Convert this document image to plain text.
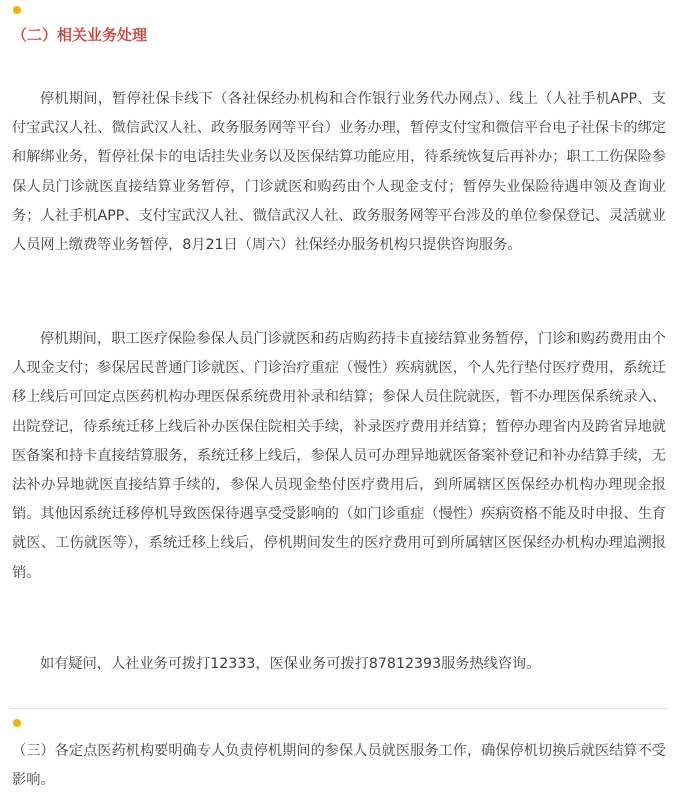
（二）相关业务处理

停机期间，暂停社保卡线下（各社保经办机构和合作银行业务代办网点）、线上（人社手机APP、支付宝武汉人社、微信武汉人社、政务服务网等平台）业务办理，暂停支付宝和微信平台电子社保卡的绑定和解绑业务，暂停社保卡的电话挂失业务以及医保结算功能应用，待系统恢复后再补办；职工工伤保险参保人员门诊就医直接结算业务暂停，门诊就医和购药由个人现金支付；暂停失业保险待遇申领及查询业务；人社手机APP、支付宝武汉人社、微信武汉人社、政务服务网等平台涉及的单位参保登记、灵活就业人员网上缴费等业务暂停，8月21日（周六）社保经办服务机构只提供咨询服务。

停机期间，职工医疗保险参保人员门诊就医和药店购药持卡直接结算业务暂停，门诊和购药费用由个人现金支付；参保居民普通门诊就医、门诊治疗重症（慢性）疾病就医，个人先行垫付医疗费用，系统迁移上线后可回定点医药机构办理医保系统费用补录和结算；参保人员住院就医，暂不办理医保系统录入、出院登记，待系统迁移上线后补办医保住院相关手续，补录医疗费用并结算；暂停办理省内及跨省异地就医备案和持卡直接结算服务，系统迁移上线后，参保人员可办理异地就医备案补登记和补办结算手续，无法补办异地就医直接结算手续的，参保人员现金垫付医疗费用后，到所属辖区医保经办机构办理现金报销。其他因系统迁移停机导致医保待遇享受受影响的（如门诊重症（慢性）疾病资格不能及时申报、生育就医、工伤就医等），系统迁移上线后，停机期间发生的医疗费用可到所属辖区医保经办机构办理追溯报销。

如有疑问，人社业务可拨打12333，医保业务可拨打87812393服务热线咨询。

（三）各定点医药机构要明确专人负责停机期间的参保人员就医服务工作，确保停机切换后就医结算不受影响。
